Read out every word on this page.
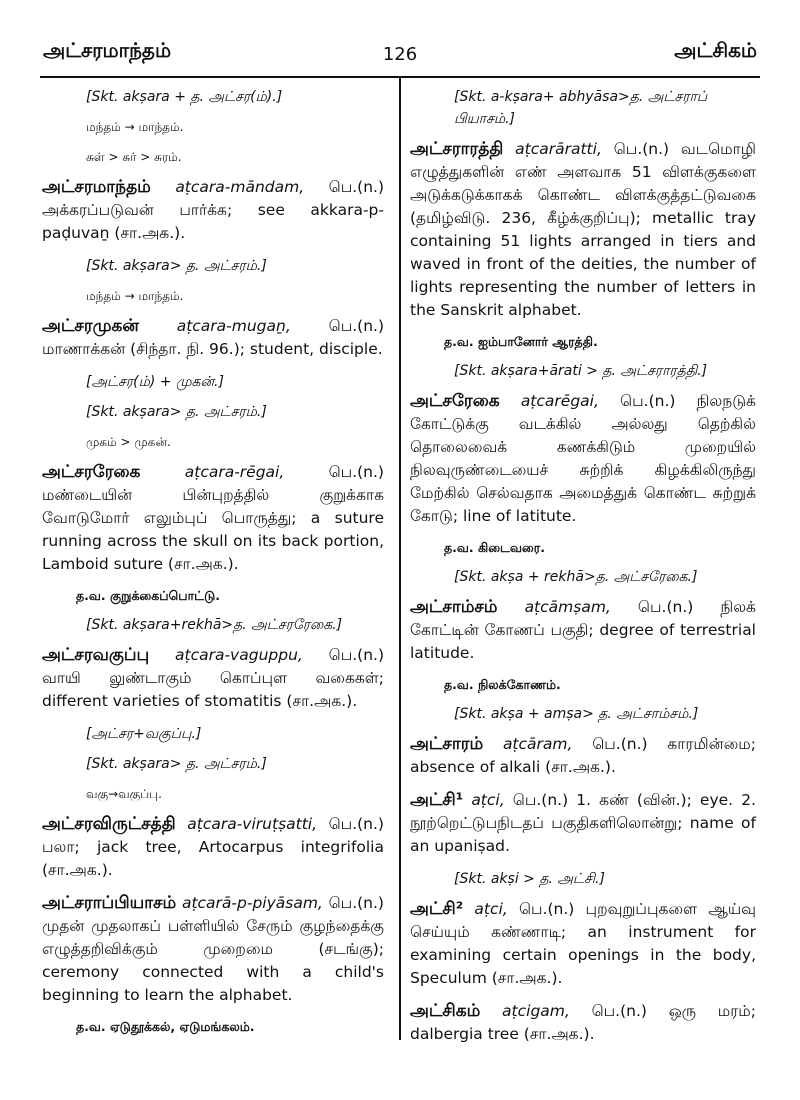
அட்சரமாந்தம்	126	அட்சிகம்
[Skt. akṣara + த. அட்சர(ம்).]
மந்தம் → மாந்தம்.
சுள் > சுர் > சுரம்.
அட்சரமாந்தம் aṭcara-māndam, பெ.(n.) அக்கரப்படுவன் பார்க்க; see akkara-p-paḍuvaṉ (சா.அக.).
[Skt. akṣara> த. அட்சரம்.]
மந்தம் → மாந்தம்.
அட்சரமுகன் aṭcara-mugaṉ, பெ.(n.) மாணாக்கன் (சிந்தா. நி. 96.); student, disciple.
[அட்சர(ம்) + முகன்.]
[Skt. akṣara> த. அட்சரம்.]
முகம் > முகன்.
அட்சரரேகை	aṭcara-rēgai,	பெ.(n.) மண்டையின் பின்புறத்தில் குறுக்காக வோடுமோர் எலும்புப் பொருத்து; a suture running across the skull on its back portion, Lamboid suture (சா.அக.).
த.வ. குறுக்கைப்பொட்டு.
[Skt. akṣara+rekhā>த. அட்சரரேகை.]
அட்சரவகுப்பு aṭcara-vaguppu, பெ.(n.) வாயி லுண்டாகும் கொப்புள வகைகள்; different varieties of stomatitis (சா.அக.).
[அட்சர+வகுப்பு.]
[Skt. akṣara> த. அட்சரம்.]
வகு→வகுப்பு.
அட்சரவிருட்சத்தி aṭcara-viruṭṣatti, பெ.(n.) பலா; jack tree, Artocarpus integrifolia (சா.அக.).
அட்சராப்பியாசம் aṭcarā-p-piyāsam, பெ.(n.) முதன் முதலாகப் பள்ளியில் சேரும் குழந்தைக்கு எழுத்தறிவிக்கும் முறைமை (சடங்கு); ceremony connected with a child's beginning to learn the alphabet.
த.வ. ஏடுதூக்கல், ஏடுமங்கலம்.
[Skt. a-kṣara+ abhyāsa>த. அட்சராப் பியாசம்.]
அட்சராரத்தி aṭcarāratti, பெ.(n.) வடமொழி எழுத்துகளின் எண் அளவாக 51 விளக்குகளை அடுக்கடுக்காகக் கொண்ட விளக்குத்தட்டுவகை (தமிழ்விடு. 236, கீழ்க்குறிப்பு); metallic tray containing 51 lights arranged in tiers and waved in front of the deities, the number of lights representing the number of letters in the Sanskrit alphabet.
த.வ. ஐம்பானோர் ஆரத்தி.
[Skt. akṣara+ārati > த. அட்சராரத்தி.]
அட்சரேகை aṭcarēgai, பெ.(n.) நிலநடுக் கோட்டுக்கு வடக்கில் அல்லது தெற்கில் தொலைவைக் கணக்கிடும் முறையில் நிலவுருண்டையைச் சுற்றிக் கிழக்கிலிருந்து மேற்கில் செல்வதாக அமைத்துக் கொண்ட சுற்றுக் கோடு; line of latitute.
த.வ. கிடைவரை.
[Skt. akṣa + rekhā>த. அட்சரேகை.]
அட்சாம்சம் aṭcāmṣam, பெ.(n.) நிலக் கோட்டின் கோணப் பகுதி; degree of terrestrial latitude.
த.வ. நிலக்கோணம்.
[Skt. akṣa + amṣa> த. அட்சாம்சம்.]
அட்சாரம் aṭcāram, பெ.(n.) காரமின்மை; absence of alkali (சா.அக.).
அட்சி¹ aṭci, பெ.(n.) 1. கண் (வின்.); eye. 2. நூற்றெட்டுபநிடதப் பகுதிகளிலொன்று; name of an upaniṣad.
[Skt. akṣi > த. அட்சி.]
அட்சி² aṭci, பெ.(n.) புறவுறுப்புகளை ஆய்வு செய்யும் கண்ணாடி; an instrument for examining certain openings in the body, Speculum (சா.அக.).
அட்சிகம் aṭcigam, பெ.(n.) ஒரு மரம்; dalbergia tree (சா.அக.).
